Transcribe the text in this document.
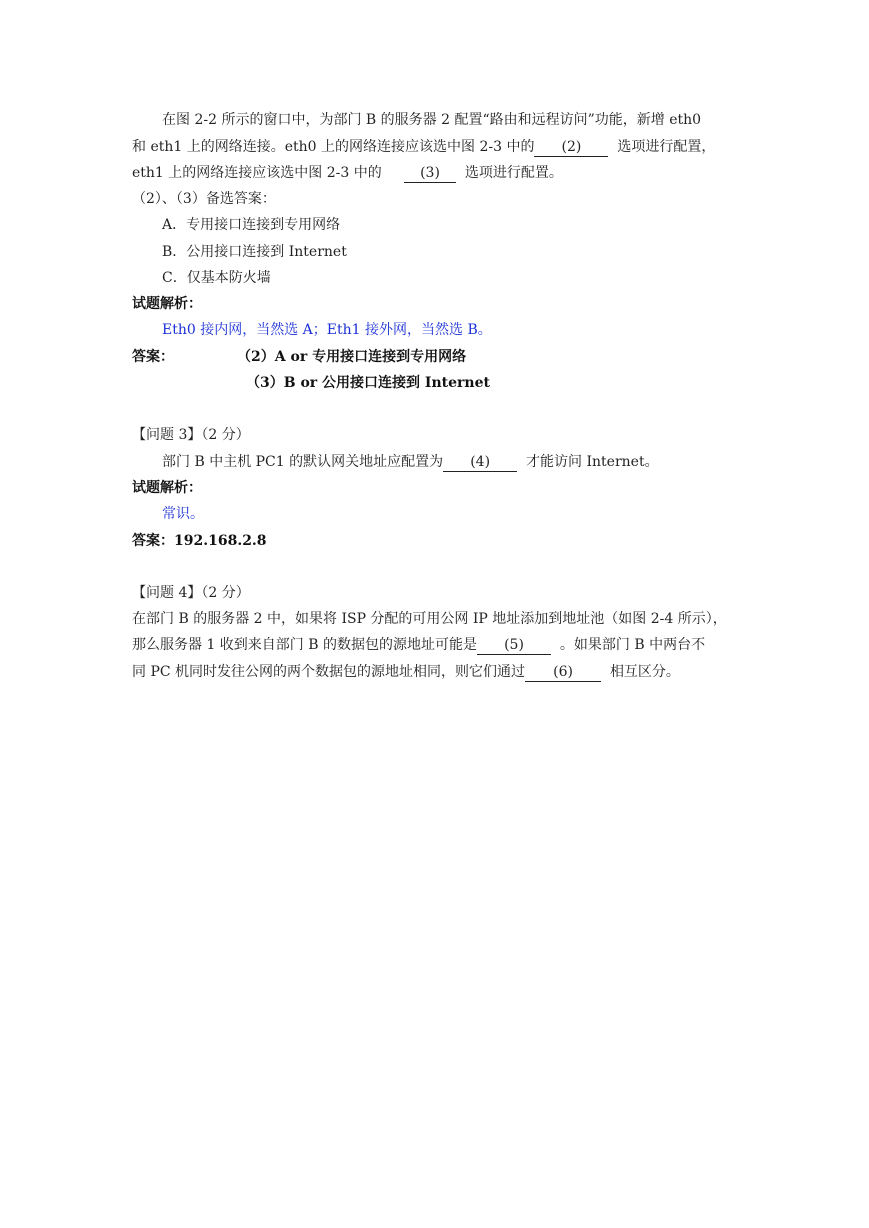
在图 2-2 所示的窗口中，为部门 B 的服务器 2 配置“路由和远程访问”功能，新增 eth0
和 eth1 上的网络连接。eth0 上的网络连接应该选中图 2-3 中的 (2)	选项进行配置，
eth1 上的网络连接应该选中图 2-3 中的	(3) 选项进行配置。
（2）、（3）备选答案：
A．专用接口连接到专用网络
B．公用接口连接到 Internet
C．仅基本防火墙
试题解析：
Eth0 接内网，当然选 A；Eth1 接外网，当然选 B。
答案：	（2）A or 专用接口连接到专用网络
（3）B or 公用接口连接到 Internet
【问题 3】（2 分）
部门 B 中主机 PC1 的默认网关地址应配置为 (4)	才能访问 Internet。
试题解析：
常识。
答案：192.168.2.8
【问题 4】（2 分）
在部门 B 的服务器 2 中，如果将 ISP 分配的可用公网 IP 地址添加到地址池（如图 2-4 所示），
那么服务器 1 收到来自部门 B 的数据包的源地址可能是 (5)	。如果部门 B 中两台不
同 PC 机同时发往公网的两个数据包的源地址相同，则它们通过 (6)	相互区分。
